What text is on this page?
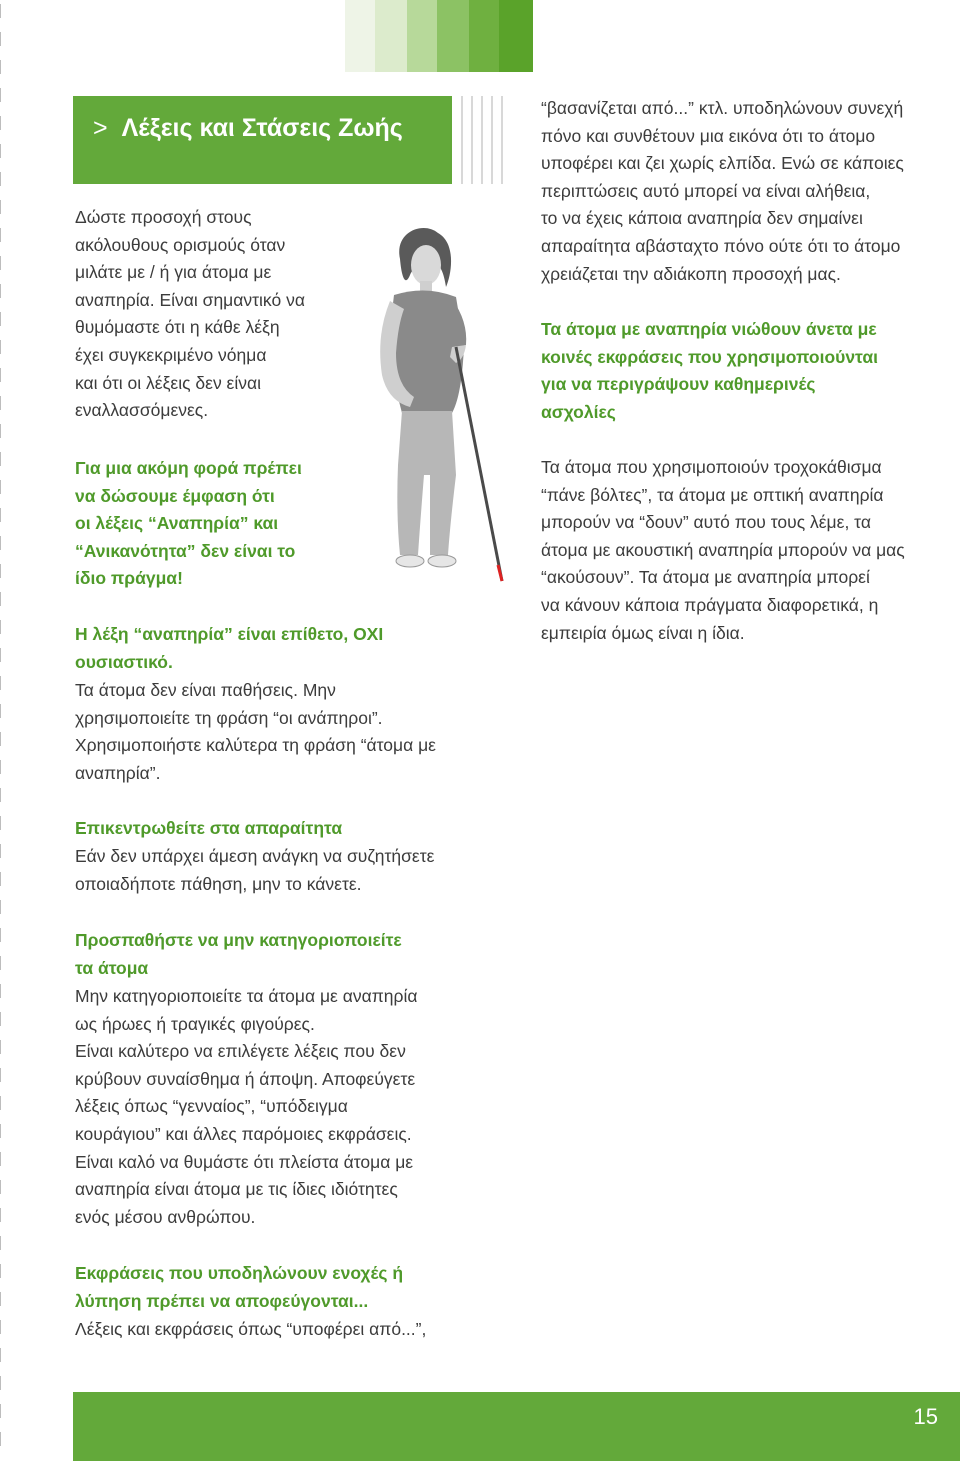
> Λέξεις και Στάσεις Ζωής

Δώστε προσοχή στους
ακόλουθους ορισμούς όταν
μιλάτε με / ή για άτομα με
αναπηρία. Είναι σημαντικό να
θυμόμαστε ότι η κάθε λέξη
έχει συγκεκριμένο νόημα
και ότι οι λέξεις δεν είναι
εναλλασσόμενες.

Για μια ακόμη φορά πρέπει
να δώσουμε έμφαση ότι
οι λέξεις “Αναπηρία” και
“Ανικανότητα” δεν είναι το
ίδιο πράγμα!

Η λέξη “αναπηρία” είναι επίθετο, ΟΧΙ
ουσιαστικό.

Τα άτομα δεν είναι παθήσεις. Μην
χρησιμοποιείτε τη φράση “οι ανάπηροι”.
Χρησιμοποιήστε καλύτερα τη φράση “άτομα με
αναπηρία”.

Επικεντρωθείτε στα απαραίτητα

Εάν δεν υπάρχει άμεση ανάγκη να συζητήσετε
οποιαδήποτε πάθηση, μην το κάνετε.

Προσπαθήστε να μην κατηγοριοποιείτε
τα άτομα

Μην κατηγοριοποιείτε τα άτομα με αναπηρία
ως ήρωες ή τραγικές φιγούρες.
Είναι καλύτερο να επιλέγετε λέξεις που δεν
κρύβουν συναίσθημα ή άποψη. Αποφεύγετε
λέξεις όπως “γενναίος”, “υπόδειγμα
κουράγιου” και άλλες παρόμοιες εκφράσεις.
Είναι καλό να θυμάστε ότι πλείστα άτομα με
αναπηρία είναι άτομα με τις ίδιες ιδιότητες
ενός μέσου ανθρώπου.

Εκφράσεις που υποδηλώνουν ενοχές ή
λύπηση πρέπει να αποφεύγονται...

Λέξεις και εκφράσεις όπως “υποφέρει από...”,

“βασανίζεται από...” κτλ. υποδηλώνουν συνεχή
πόνο και συνθέτουν μια εικόνα ότι το άτομο
υποφέρει και ζει χωρίς ελπίδα. Ενώ σε κάποιες
περιπτώσεις αυτό μπορεί να είναι αλήθεια,
το να έχεις κάποια αναπηρία δεν σημαίνει
απαραίτητα αβάσταχτο πόνο ούτε ότι το άτομο
χρειάζεται την αδιάκοπη προσοχή μας.

Τα άτομα με αναπηρία νιώθουν άνετα με
κοινές εκφράσεις που χρησιμοποιούνται
για να περιγράψουν καθημερινές
ασχολίες

Τα άτομα που χρησιμοποιούν τροχοκάθισμα
“πάνε βόλτες”, τα άτομα με οπτική αναπηρία
μπορούν να “δουν” αυτό που τους λέμε, τα
άτομα με ακουστική αναπηρία μπορούν να μας
“ακούσουν”. Τα άτομα με αναπηρία μπορεί
να κάνουν κάποια πράγματα διαφορετικά, η
εμπειρία όμως είναι η ίδια.

15
